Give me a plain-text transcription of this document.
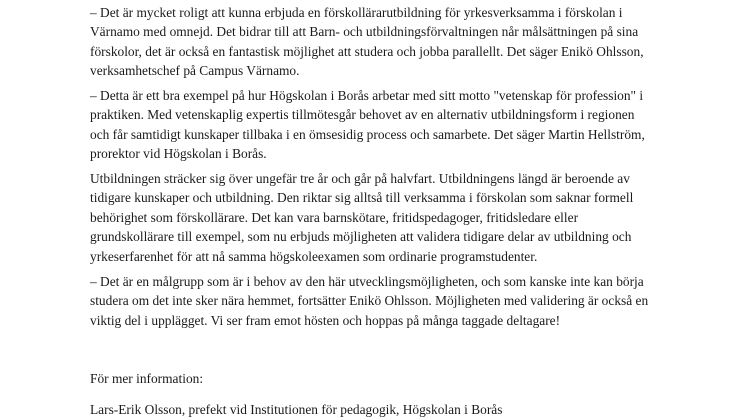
– Det är mycket roligt att kunna erbjuda en förskollärarutbildning för yrkesverksamma i förskolan i Värnamo med omnejd. Det bidrar till att Barn- och utbildningsförvaltningen når målsättningen på sina förskolor, det är också en fantastisk möjlighet att studera och jobba parallellt. Det säger Enikö Ohlsson, verksamhetschef på Campus Värnamo.

– Detta är ett bra exempel på hur Högskolan i Borås arbetar med sitt motto "vetenskap för profession" i praktiken. Med vetenskaplig expertis tillmötesgår behovet av en alternativ utbildningsform i regionen och får samtidigt kunskaper tillbaka i en ömsesidig process och samarbete. Det säger Martin Hellström, prorektor vid Högskolan i Borås.

Utbildningen sträcker sig över ungefär tre år och går på halvfart. Utbildningens längd är beroende av tidigare kunskaper och utbildning. Den riktar sig alltså till verksamma i förskolan som saknar formell behörighet som förskollärare. Det kan vara barnskötare, fritidspedagoger, fritidsledare eller grundskollärare till exempel, som nu erbjuds möjligheten att validera tidigare delar av utbildning och yrkeserfarenhet för att nå samma högskoleexamen som ordinarie programstudenter.

– Det är en målgrupp som är i behov av den här utvecklingsmöjligheten, och som kanske inte kan börja studera om det inte sker nära hemmet, fortsätter Enikö Ohlsson. Möjligheten med validering är också en viktig del i upplägget. Vi ser fram emot hösten och hoppas på många taggade deltagare!

För mer information:

Lars-Erik Olsson, prefekt vid Institutionen för pedagogik, Högskolan i Borås
